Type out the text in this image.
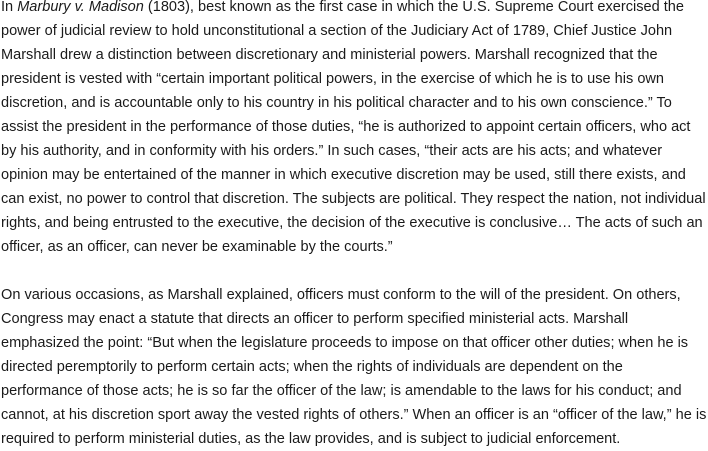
In Marbury v. Madison (1803), best known as the first case in which the U.S. Supreme Court exercised the power of judicial review to hold unconstitutional a section of the Judiciary Act of 1789, Chief Justice John Marshall drew a distinction between discretionary and ministerial powers. Marshall recognized that the president is vested with “certain important political powers, in the exercise of which he is to use his own discretion, and is accountable only to his country in his political character and to his own conscience.” To assist the president in the performance of those duties, “he is authorized to appoint certain officers, who act by his authority, and in conformity with his orders.” In such cases, “their acts are his acts; and whatever opinion may be entertained of the manner in which executive discretion may be used, still there exists, and can exist, no power to control that discretion. The subjects are political. They respect the nation, not individual rights, and being entrusted to the executive, the decision of the executive is conclusive… The acts of such an officer, as an officer, can never be examinable by the courts.”

On various occasions, as Marshall explained, officers must conform to the will of the president. On others, Congress may enact a statute that directs an officer to perform specified ministerial acts. Marshall emphasized the point: “But when the legislature proceeds to impose on that officer other duties; when he is directed peremptorily to perform certain acts; when the rights of individuals are dependent on the performance of those acts; he is so far the officer of the law; is amendable to the laws for his conduct; and cannot, at his discretion sport away the vested rights of others.” When an officer is an “officer of the law,” he is required to perform ministerial duties, as the law provides, and is subject to judicial enforcement.
